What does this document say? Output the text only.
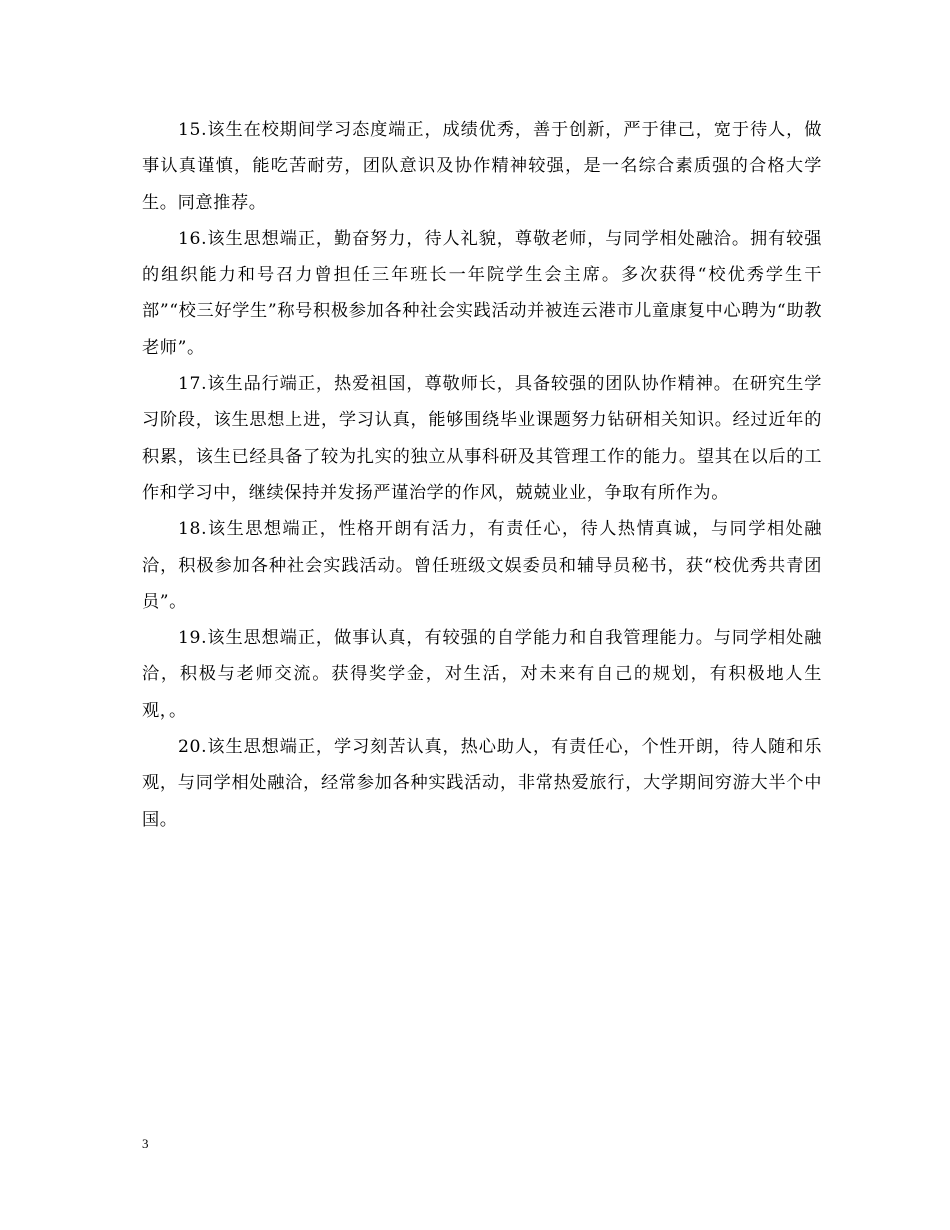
15.该生在校期间学习态度端正，成绩优秀，善于创新，严于律己，宽于待人，做事认真谨慎，能吃苦耐劳，团队意识及协作精神较强，是一名综合素质强的合格大学生。同意推荐。

16.该生思想端正，勤奋努力，待人礼貌，尊敬老师，与同学相处融洽。拥有较强的组织能力和号召力曾担任三年班长一年院学生会主席。多次获得“校优秀学生干部”“校三好学生”称号积极参加各种社会实践活动并被连云港市儿童康复中心聘为“助教老师”。

17.该生品行端正，热爱祖国，尊敬师长，具备较强的团队协作精神。在研究生学习阶段，该生思想上进，学习认真，能够围绕毕业课题努力钻研相关知识。经过近年的积累，该生已经具备了较为扎实的独立从事科研及其管理工作的能力。望其在以后的工作和学习中，继续保持并发扬严谨治学的作风，兢兢业业，争取有所作为。

18.该生思想端正，性格开朗有活力，有责任心，待人热情真诚，与同学相处融洽，积极参加各种社会实践活动。曾任班级文娱委员和辅导员秘书，获“校优秀共青团员”。

19.该生思想端正，做事认真，有较强的自学能力和自我管理能力。与同学相处融洽，积极与老师交流。获得奖学金，对生活，对未来有自己的规划，有积极地人生观，。

20.该生思想端正，学习刻苦认真，热心助人，有责任心，个性开朗，待人随和乐观，与同学相处融洽，经常参加各种实践活动，非常热爱旅行，大学期间穷游大半个中国。

3
